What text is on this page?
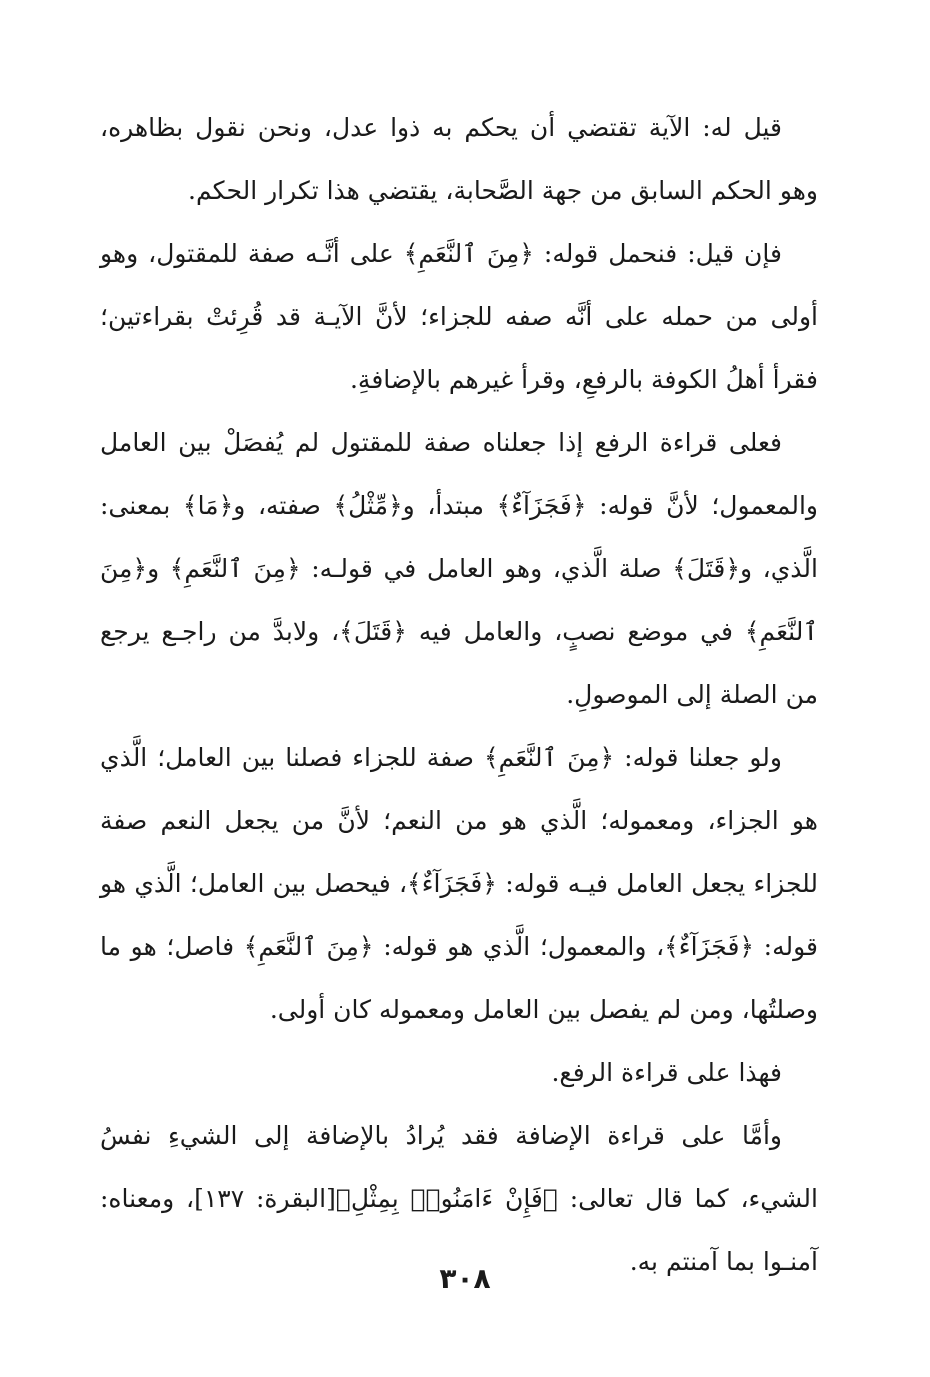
قيل له: الآية تقتضي أن يحكم به ذوا عدل، ونحن نقول بظاهره، وهو الحكم السابق من جهة الصَّحابة، يقتضي هذا تكرار الحكم.

فإن قيل: فنحمل قوله: ﴿مِنَ ٱلنَّعَمِ﴾ على أنَّـه صفة للمقتول، وهو أولى من حمله على أنَّه صفه للجزاء؛ لأنَّ الآيـة قد قُرِئتْ بقراءتين؛ فقرأ أهلُ الكوفة بالرفعِ، وقرأ غيرهم بالإضافةِ.

فعلى قراءة الرفع إذا جعلناه صفة للمقتول لم يُفصَلْ بين العامل والمعمول؛ لأنَّ قوله: ﴿فَجَزَآءٌ﴾ مبتدأ، و﴿مِّثْلُ﴾ صفته، و﴿مَا﴾ بمعنى: الَّذي، و﴿قَتَلَ﴾ صلة الَّذي، وهو العامل في قولـه: ﴿مِنَ ٱلنَّعَمِ﴾ و﴿مِنَ ٱلنَّعَمِ﴾ في موضع نصبٍ، والعامل فيه ﴿قَتَلَ﴾، ولابدَّ من راجـع يرجع من الصلة إلى الموصولِ.

ولو جعلنا قوله: ﴿مِنَ ٱلنَّعَمِ﴾ صفة للجزاء فصلنا بين العامل؛ الَّذي هو الجزاء، ومعموله؛ الَّذي هو من النعم؛ لأنَّ من يجعل النعم صفة للجزاء يجعل العامل فيـه قوله: ﴿فَجَزَآءٌ﴾، فيحصل بين العامل؛ الَّذي هو قوله: ﴿فَجَزَآءٌ﴾، والمعمول؛ الَّذي هو قوله: ﴿مِنَ ٱلنَّعَمِ﴾ فاصل؛ هو ما وصلتُها، ومن لم يفصل بين العامل ومعموله كان أولى.

فهذا على قراءة الرفع.

وأمَّا على قراءة الإضافة فقد يُرادُ بالإضافة إلى الشيءِ نفسُ الشيء، كما قال تعالى: ﴿فَإِنْ ءَامَنُوا۟ بِمِثْلِ﴾[البقرة: ١٣٧]، ومعناه: آمنـوا بما آمنتم به.

٣٠٨
